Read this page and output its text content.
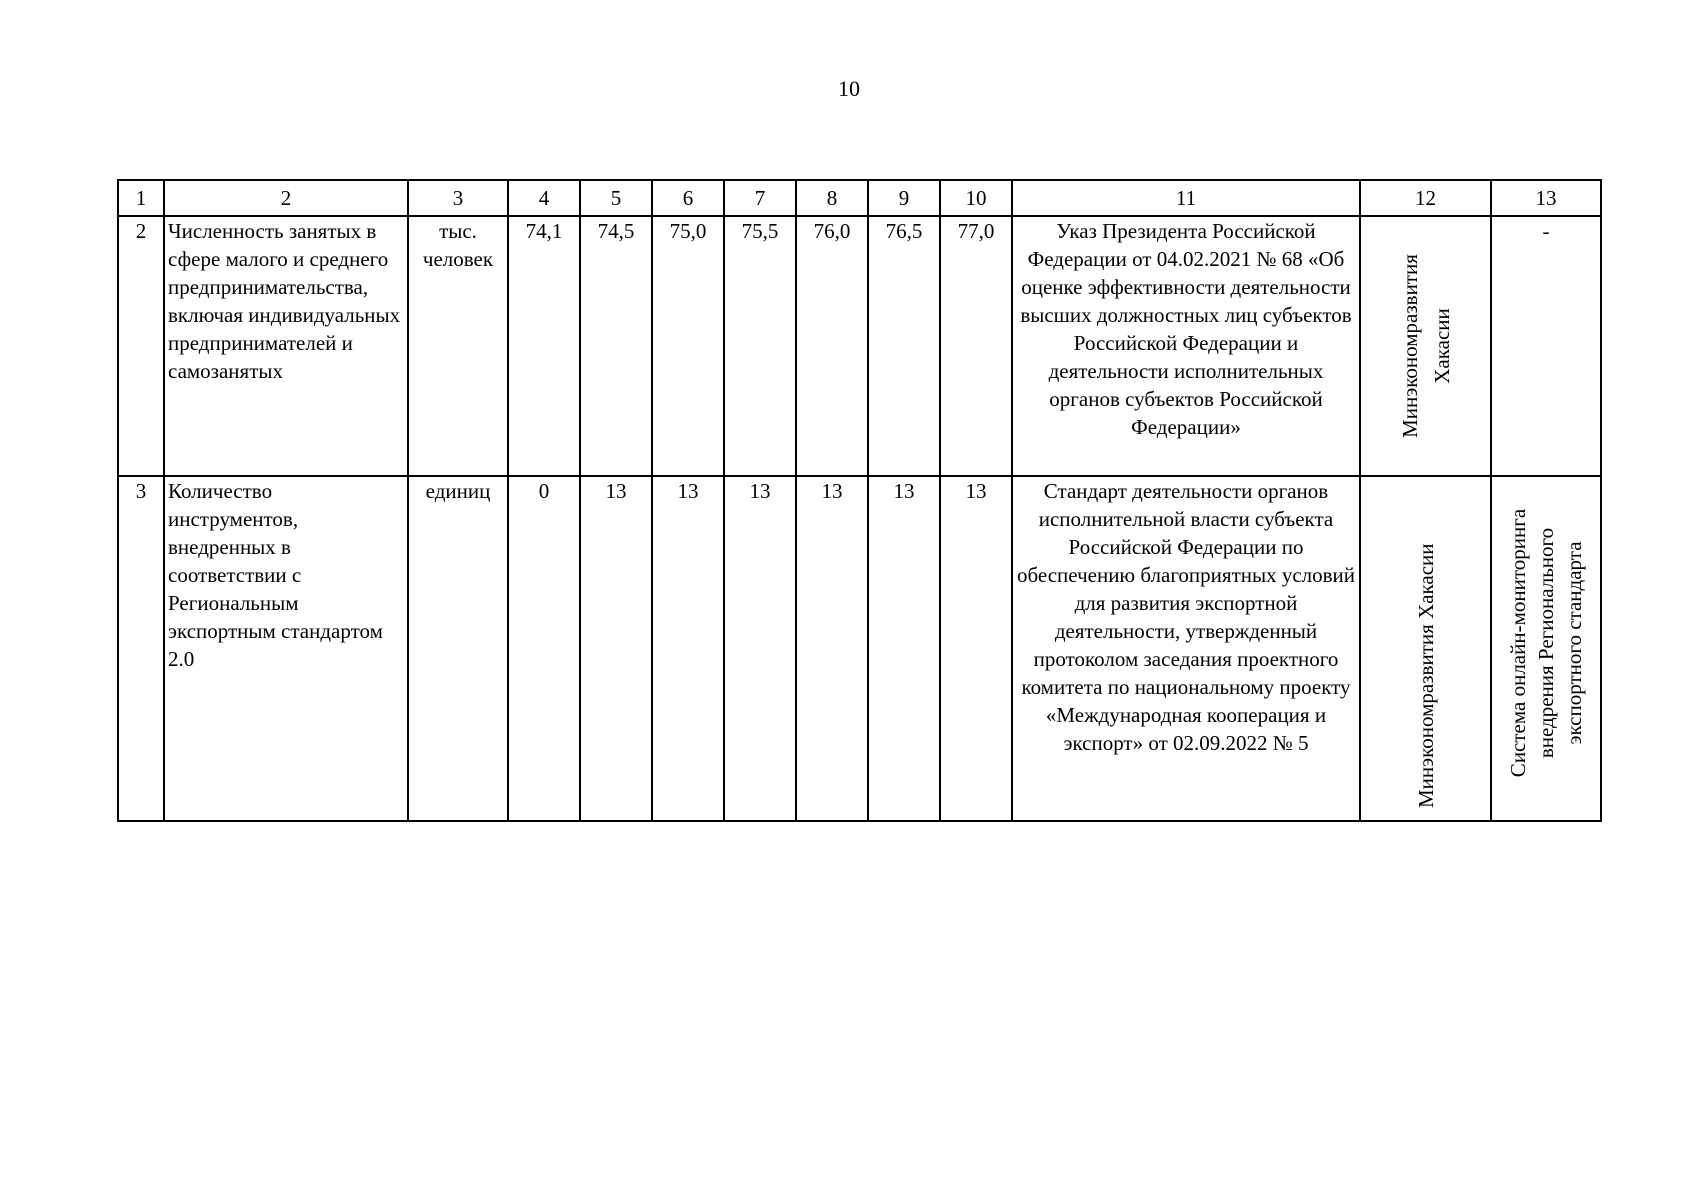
10
1	2	3	4	5	6	7	8	9	10	11	12	13
2	Численность занятых в сфере малого и среднего предпринимательства, включая индивидуальных предпринимателей и самозанятых	тыс. человек	74,1	74,5	75,0	75,5	76,0	76,5	77,0	Указ Президента Российской Федерации от 04.02.2021 № 68 «Об оценке эффективности деятельности высших должностных лиц субъектов Российской Федерации и деятельности исполнительных органов субъектов Российской Федерации»	Минэкономразвития Хакасии	-
3	Количество инструментов, внедренных в соответствии с Региональным экспортным стандартом 2.0	единиц	0	13	13	13	13	13	13	Стандарт деятельности органов исполнительной власти субъекта Российской Федерации по обеспечению благоприятных условий для развития экспортной деятельности, утвержденный протоколом заседания проектного комитета по национальному проекту «Международная кооперация и экспорт» от 02.09.2022 № 5	Минэкономразвития Хакасии	Система онлайн-мониторинга внедрения Регионального экспортного стандарта
